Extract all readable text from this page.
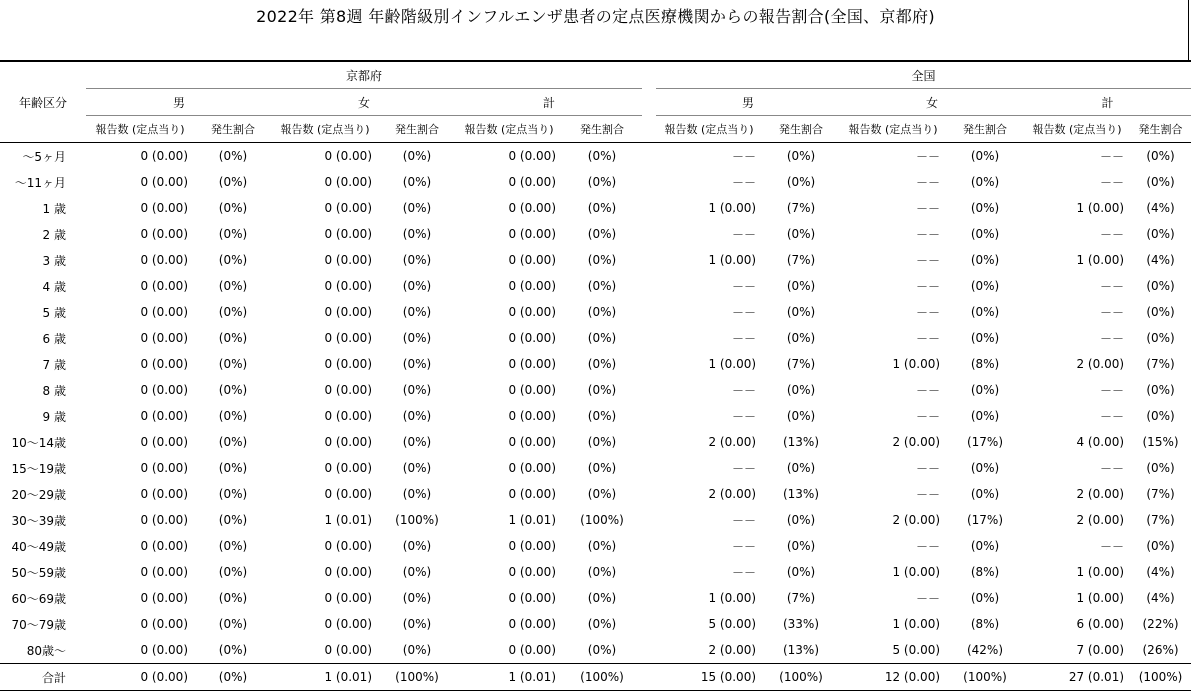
2022年 第8週 年齢階級別インフルエンザ患者の定点医療機関からの報告割合(全国、京都府)
	京都府							全国					
年齢区分	男		女		計			男		女		計	
	報告数 (定点当り)	発生割合	報告数 (定点当り)	発生割合	報告数 (定点当り)	発生割合		報告数 (定点当り)	発生割合	報告数 (定点当り)	発生割合	報告数 (定点当り)	発生割合
～5ヶ月	0 (0.00)	(0%)	0 (0.00)	(0%)	0 (0.00)	(0%)		－－	(0%)	－－	(0%)	－－	(0%)
～11ヶ月	0 (0.00)	(0%)	0 (0.00)	(0%)	0 (0.00)	(0%)		－－	(0%)	－－	(0%)	－－	(0%)
1 歳	0 (0.00)	(0%)	0 (0.00)	(0%)	0 (0.00)	(0%)		1 (0.00)	(7%)	－－	(0%)	1 (0.00)	(4%)
2 歳	0 (0.00)	(0%)	0 (0.00)	(0%)	0 (0.00)	(0%)		－－	(0%)	－－	(0%)	－－	(0%)
3 歳	0 (0.00)	(0%)	0 (0.00)	(0%)	0 (0.00)	(0%)		1 (0.00)	(7%)	－－	(0%)	1 (0.00)	(4%)
4 歳	0 (0.00)	(0%)	0 (0.00)	(0%)	0 (0.00)	(0%)		－－	(0%)	－－	(0%)	－－	(0%)
5 歳	0 (0.00)	(0%)	0 (0.00)	(0%)	0 (0.00)	(0%)		－－	(0%)	－－	(0%)	－－	(0%)
6 歳	0 (0.00)	(0%)	0 (0.00)	(0%)	0 (0.00)	(0%)		－－	(0%)	－－	(0%)	－－	(0%)
7 歳	0 (0.00)	(0%)	0 (0.00)	(0%)	0 (0.00)	(0%)		1 (0.00)	(7%)	1 (0.00)	(8%)	2 (0.00)	(7%)
8 歳	0 (0.00)	(0%)	0 (0.00)	(0%)	0 (0.00)	(0%)		－－	(0%)	－－	(0%)	－－	(0%)
9 歳	0 (0.00)	(0%)	0 (0.00)	(0%)	0 (0.00)	(0%)		－－	(0%)	－－	(0%)	－－	(0%)
10～14歳	0 (0.00)	(0%)	0 (0.00)	(0%)	0 (0.00)	(0%)		2 (0.00)	(13%)	2 (0.00)	(17%)	4 (0.00)	(15%)
15～19歳	0 (0.00)	(0%)	0 (0.00)	(0%)	0 (0.00)	(0%)		－－	(0%)	－－	(0%)	－－	(0%)
20～29歳	0 (0.00)	(0%)	0 (0.00)	(0%)	0 (0.00)	(0%)		2 (0.00)	(13%)	－－	(0%)	2 (0.00)	(7%)
30～39歳	0 (0.00)	(0%)	1 (0.01)	(100%)	1 (0.01)	(100%)		－－	(0%)	2 (0.00)	(17%)	2 (0.00)	(7%)
40～49歳	0 (0.00)	(0%)	0 (0.00)	(0%)	0 (0.00)	(0%)		－－	(0%)	－－	(0%)	－－	(0%)
50～59歳	0 (0.00)	(0%)	0 (0.00)	(0%)	0 (0.00)	(0%)		－－	(0%)	1 (0.00)	(8%)	1 (0.00)	(4%)
60～69歳	0 (0.00)	(0%)	0 (0.00)	(0%)	0 (0.00)	(0%)		1 (0.00)	(7%)	－－	(0%)	1 (0.00)	(4%)
70～79歳	0 (0.00)	(0%)	0 (0.00)	(0%)	0 (0.00)	(0%)		5 (0.00)	(33%)	1 (0.00)	(8%)	6 (0.00)	(22%)
80歳～	0 (0.00)	(0%)	0 (0.00)	(0%)	0 (0.00)	(0%)		2 (0.00)	(13%)	5 (0.00)	(42%)	7 (0.00)	(26%)
合計	0 (0.00)	(0%)	1 (0.01)	(100%)	1 (0.01)	(100%)		15 (0.00)	(100%)	12 (0.00)	(100%)	27 (0.01)	(100%)
